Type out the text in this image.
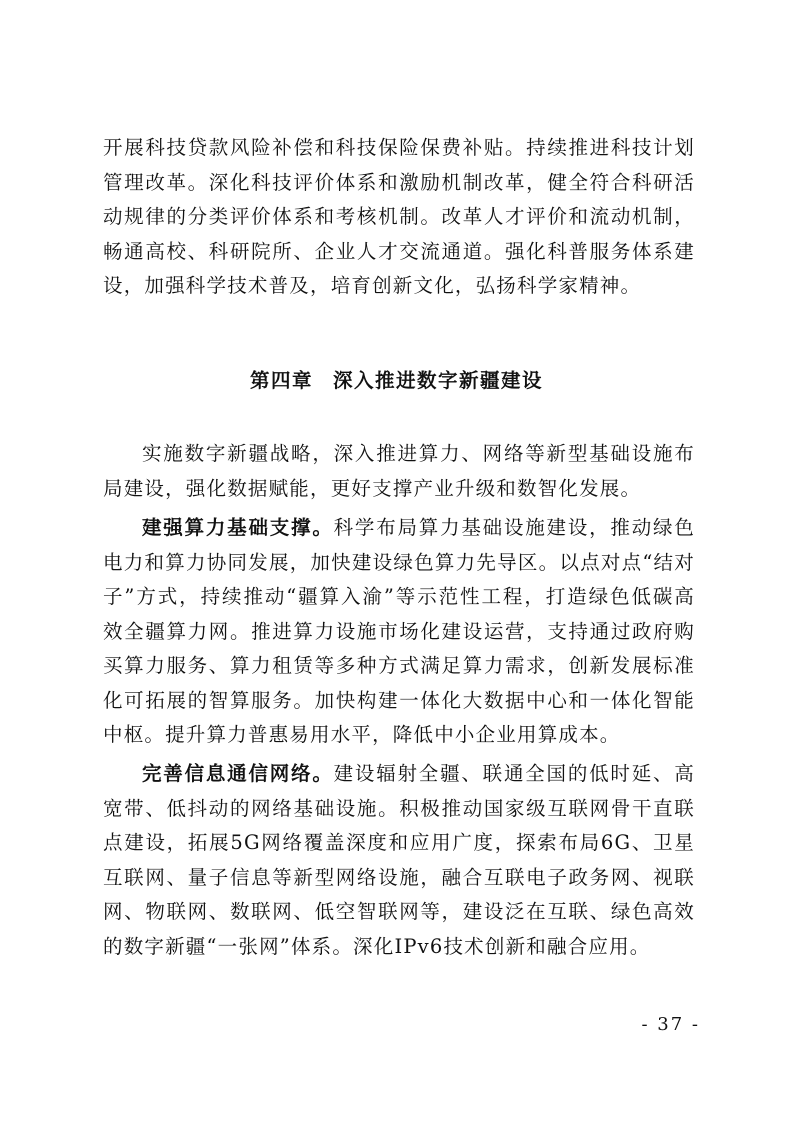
开展科技贷款风险补偿和科技保险保费补贴。持续推进科技计划管理改革。深化科技评价体系和激励机制改革，健全符合科研活动规律的分类评价体系和考核机制。改革人才评价和流动机制，畅通高校、科研院所、企业人才交流通道。强化科普服务体系建设，加强科学技术普及，培育创新文化，弘扬科学家精神。

第四章 深入推进数字新疆建设

实施数字新疆战略，深入推进算力、网络等新型基础设施布局建设，强化数据赋能，更好支撑产业升级和数智化发展。

建强算力基础支撑。科学布局算力基础设施建设，推动绿色电力和算力协同发展，加快建设绿色算力先导区。以点对点“结对子”方式，持续推动“疆算入渝”等示范性工程，打造绿色低碳高效全疆算力网。推进算力设施市场化建设运营，支持通过政府购买算力服务、算力租赁等多种方式满足算力需求，创新发展标准化可拓展的智算服务。加快构建一体化大数据中心和一体化智能中枢。提升算力普惠易用水平，降低中小企业用算成本。

完善信息通信网络。建设辐射全疆、联通全国的低时延、高宽带、低抖动的网络基础设施。积极推动国家级互联网骨干直联点建设，拓展5G网络覆盖深度和应用广度，探索布局6G、卫星互联网、量子信息等新型网络设施，融合互联电子政务网、视联网、物联网、数联网、低空智联网等，建设泛在互联、绿色高效的数字新疆“一张网”体系。深化IPv6技术创新和融合应用。

- 37 -
